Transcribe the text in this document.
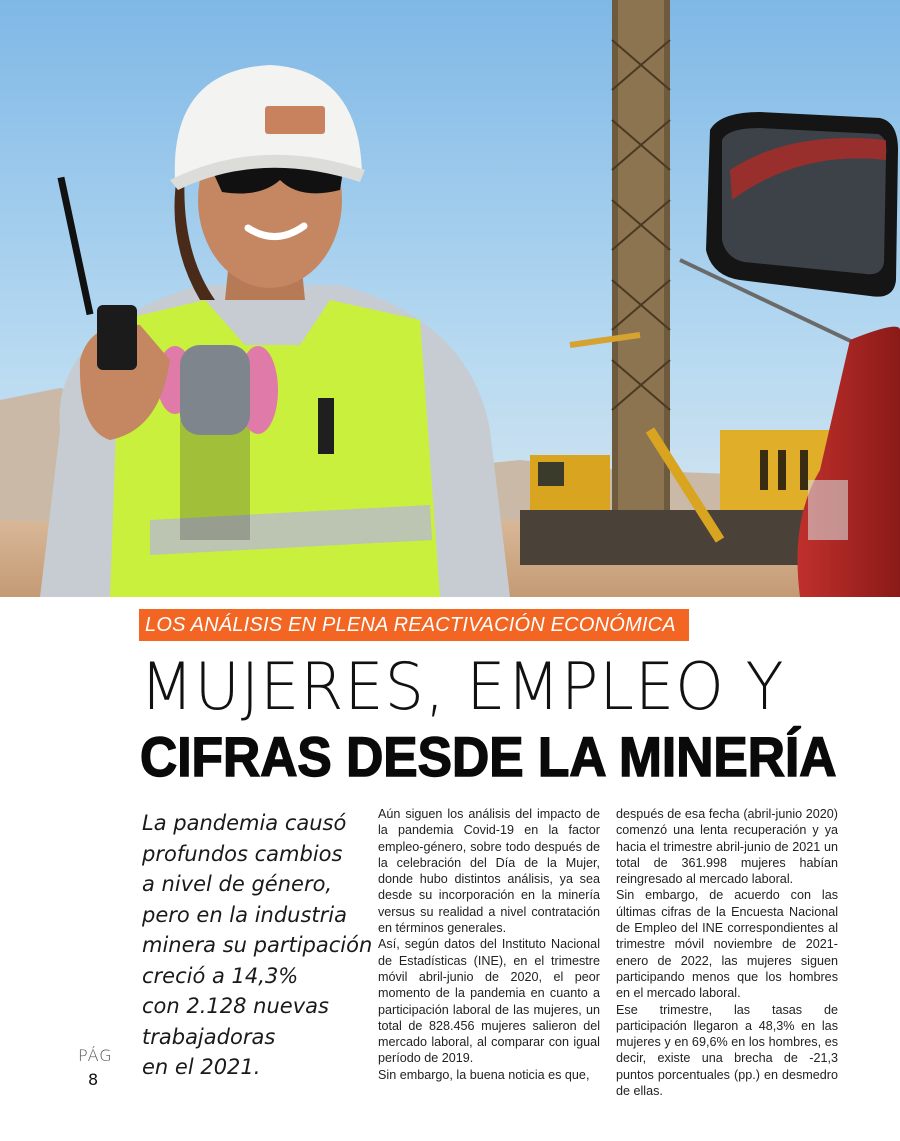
LOS ANÁLISIS EN PLENA REACTIVACIÓN ECONÓMICA
MUJERES, EMPLEO Y
CIFRAS DESDE LA MINERÍA
La pandemia causó
profundos cambios
a nivel de género,
pero en la industria
minera su partipación
creció a 14,3%
con 2.128 nuevas
trabajadoras
en el 2021.

Aún siguen los análisis del impacto de la pandemia Covid-19 en la factor empleo-género, sobre todo después de la celebración del Día de la Mujer, donde hubo distintos análisis, ya sea desde su incorporación en la minería versus su realidad a nivel contratación en términos generales.

Así, según datos del Instituto Nacional de Estadísticas (INE), en el trimestre móvil abril-junio de 2020, el peor momento de la pandemia en cuanto a participación laboral de las mujeres, un total de 828.456 mujeres salieron del mercado laboral, al comparar con igual período de 2019.

Sin embargo, la buena noticia es que,

después de esa fecha (abril-junio 2020) comenzó una lenta recuperación y ya hacia el trimestre abril-junio de 2021 un total de 361.998 mujeres habían reingresado al mercado laboral.

Sin embargo, de acuerdo con las últimas cifras de la Encuesta Nacional de Empleo del INE correspondientes al trimestre móvil noviembre de 2021-enero de 2022, las mujeres siguen participando menos que los hombres en el mercado laboral.

Ese trimestre, las tasas de participación llegaron a 48,3% en las mujeres y en 69,6% en los hombres, es decir, existe una brecha de -21,3 puntos porcentuales (pp.) en desmedro de ellas.

PÁG
8
